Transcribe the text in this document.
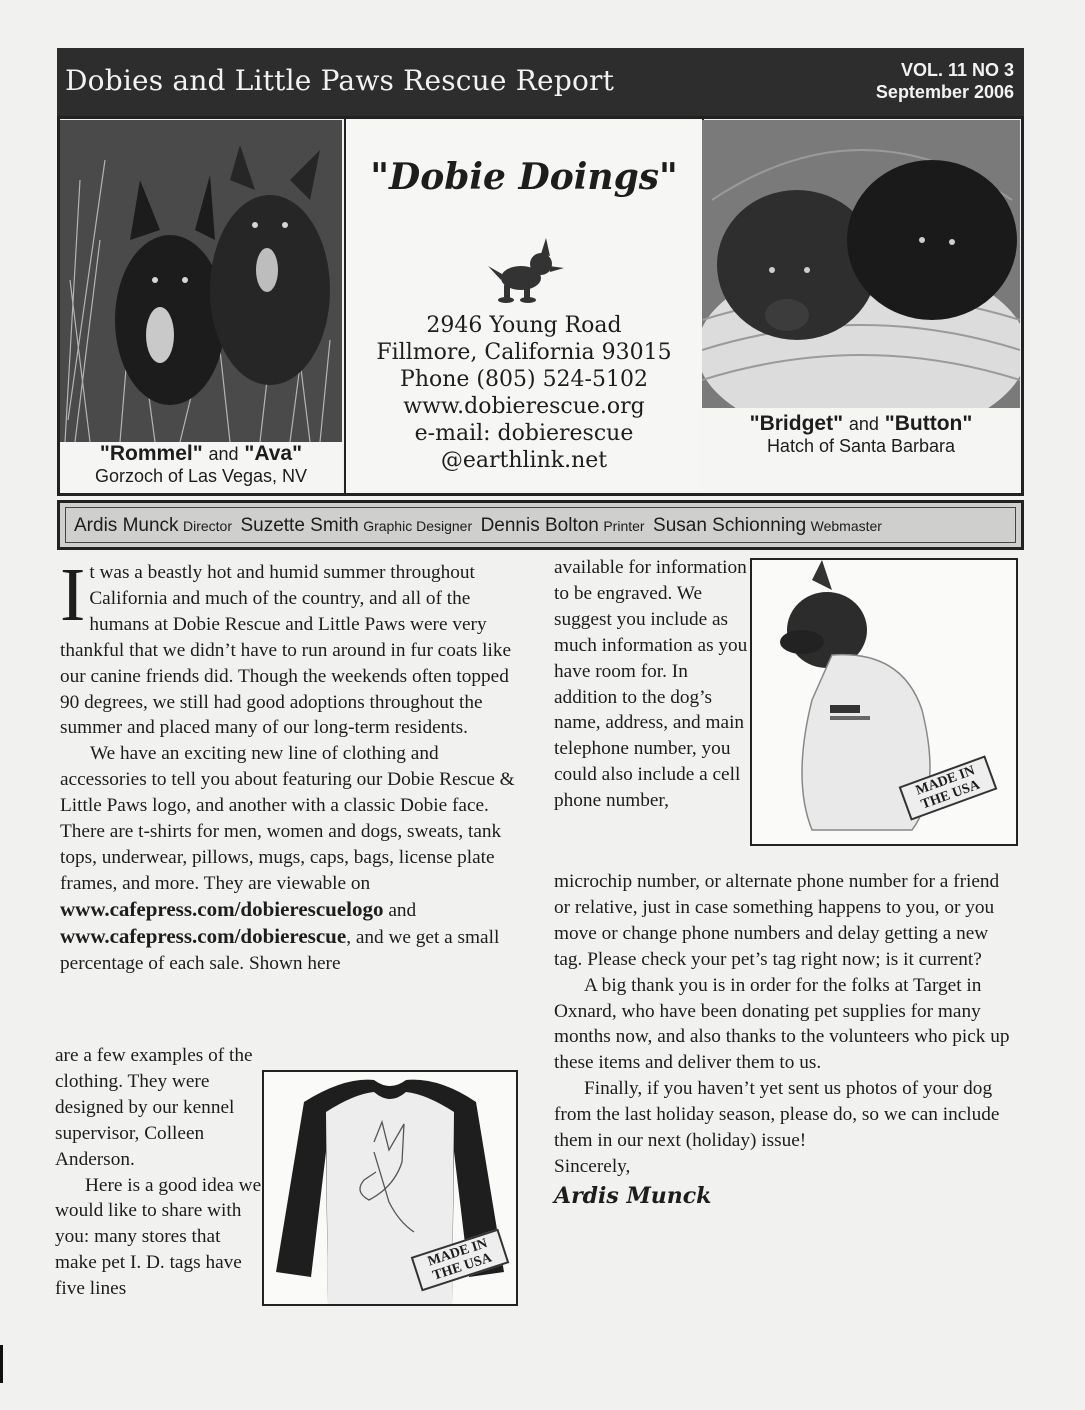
Dobies and Little Paws Rescue Report	VOL. 11 NO 3
September 2006
"Rommel" and "Ava"
Gorzoch of Las Vegas, NV
"Dobie Doings"
2946 Young Road
Fillmore, California 93015
Phone (805) 524-5102
www.dobierescue.org
e-mail: dobierescue
@earthlink.net
"Bridget" and "Button"
Hatch of Santa Barbara
Ardis Munck Director Suzette Smith Graphic Designer Dennis Bolton Printer Susan Schionning Webmaster

It was a beastly hot and humid summer throughout California and much of the country, and all of the humans at Dobie Rescue and Little Paws were very thankful that we didn’t have to run around in fur coats like our canine friends did. Though the weekends often topped 90 degrees, we still had good adoptions throughout the summer and placed many of our long-term residents.

We have an exciting new line of clothing and accessories to tell you about featuring our Dobie Rescue & Little Paws logo, and another with a classic Dobie face. There are t-shirts for men, women and dogs, sweats, tank tops, underwear, pillows, mugs, caps, bags, license plate frames, and more. They are viewable on

www.cafepress.com/dobierescuelogo and

www.cafepress.com/dobierescue, and we get a small percentage of each sale. Shown here

are a few examples of the clothing. They were designed by our kennel supervisor, Colleen Anderson.

Here is a good idea we would like to share with you: many stores that make pet I. D. tags have five lines

MADE IN THE USA

available for information to be engraved. We suggest you include as much information as you have room for. In addition to the dog’s name, address, and main telephone number, you could also include a cell phone number,

MADE IN THE USA

microchip number, or alternate phone number for a friend or relative, just in case something happens to you, or you move or change phone numbers and delay getting a new tag. Please check your pet’s tag right now; is it current?

A big thank you is in order for the folks at Target in Oxnard, who have been donating pet supplies for many months now, and also thanks to the volunteers who pick up these items and deliver them to us.

Finally, if you haven’t yet sent us photos of your dog from the last holiday season, please do, so we can include them in our next (holiday) issue!

Sincerely,

Ardis Munck
